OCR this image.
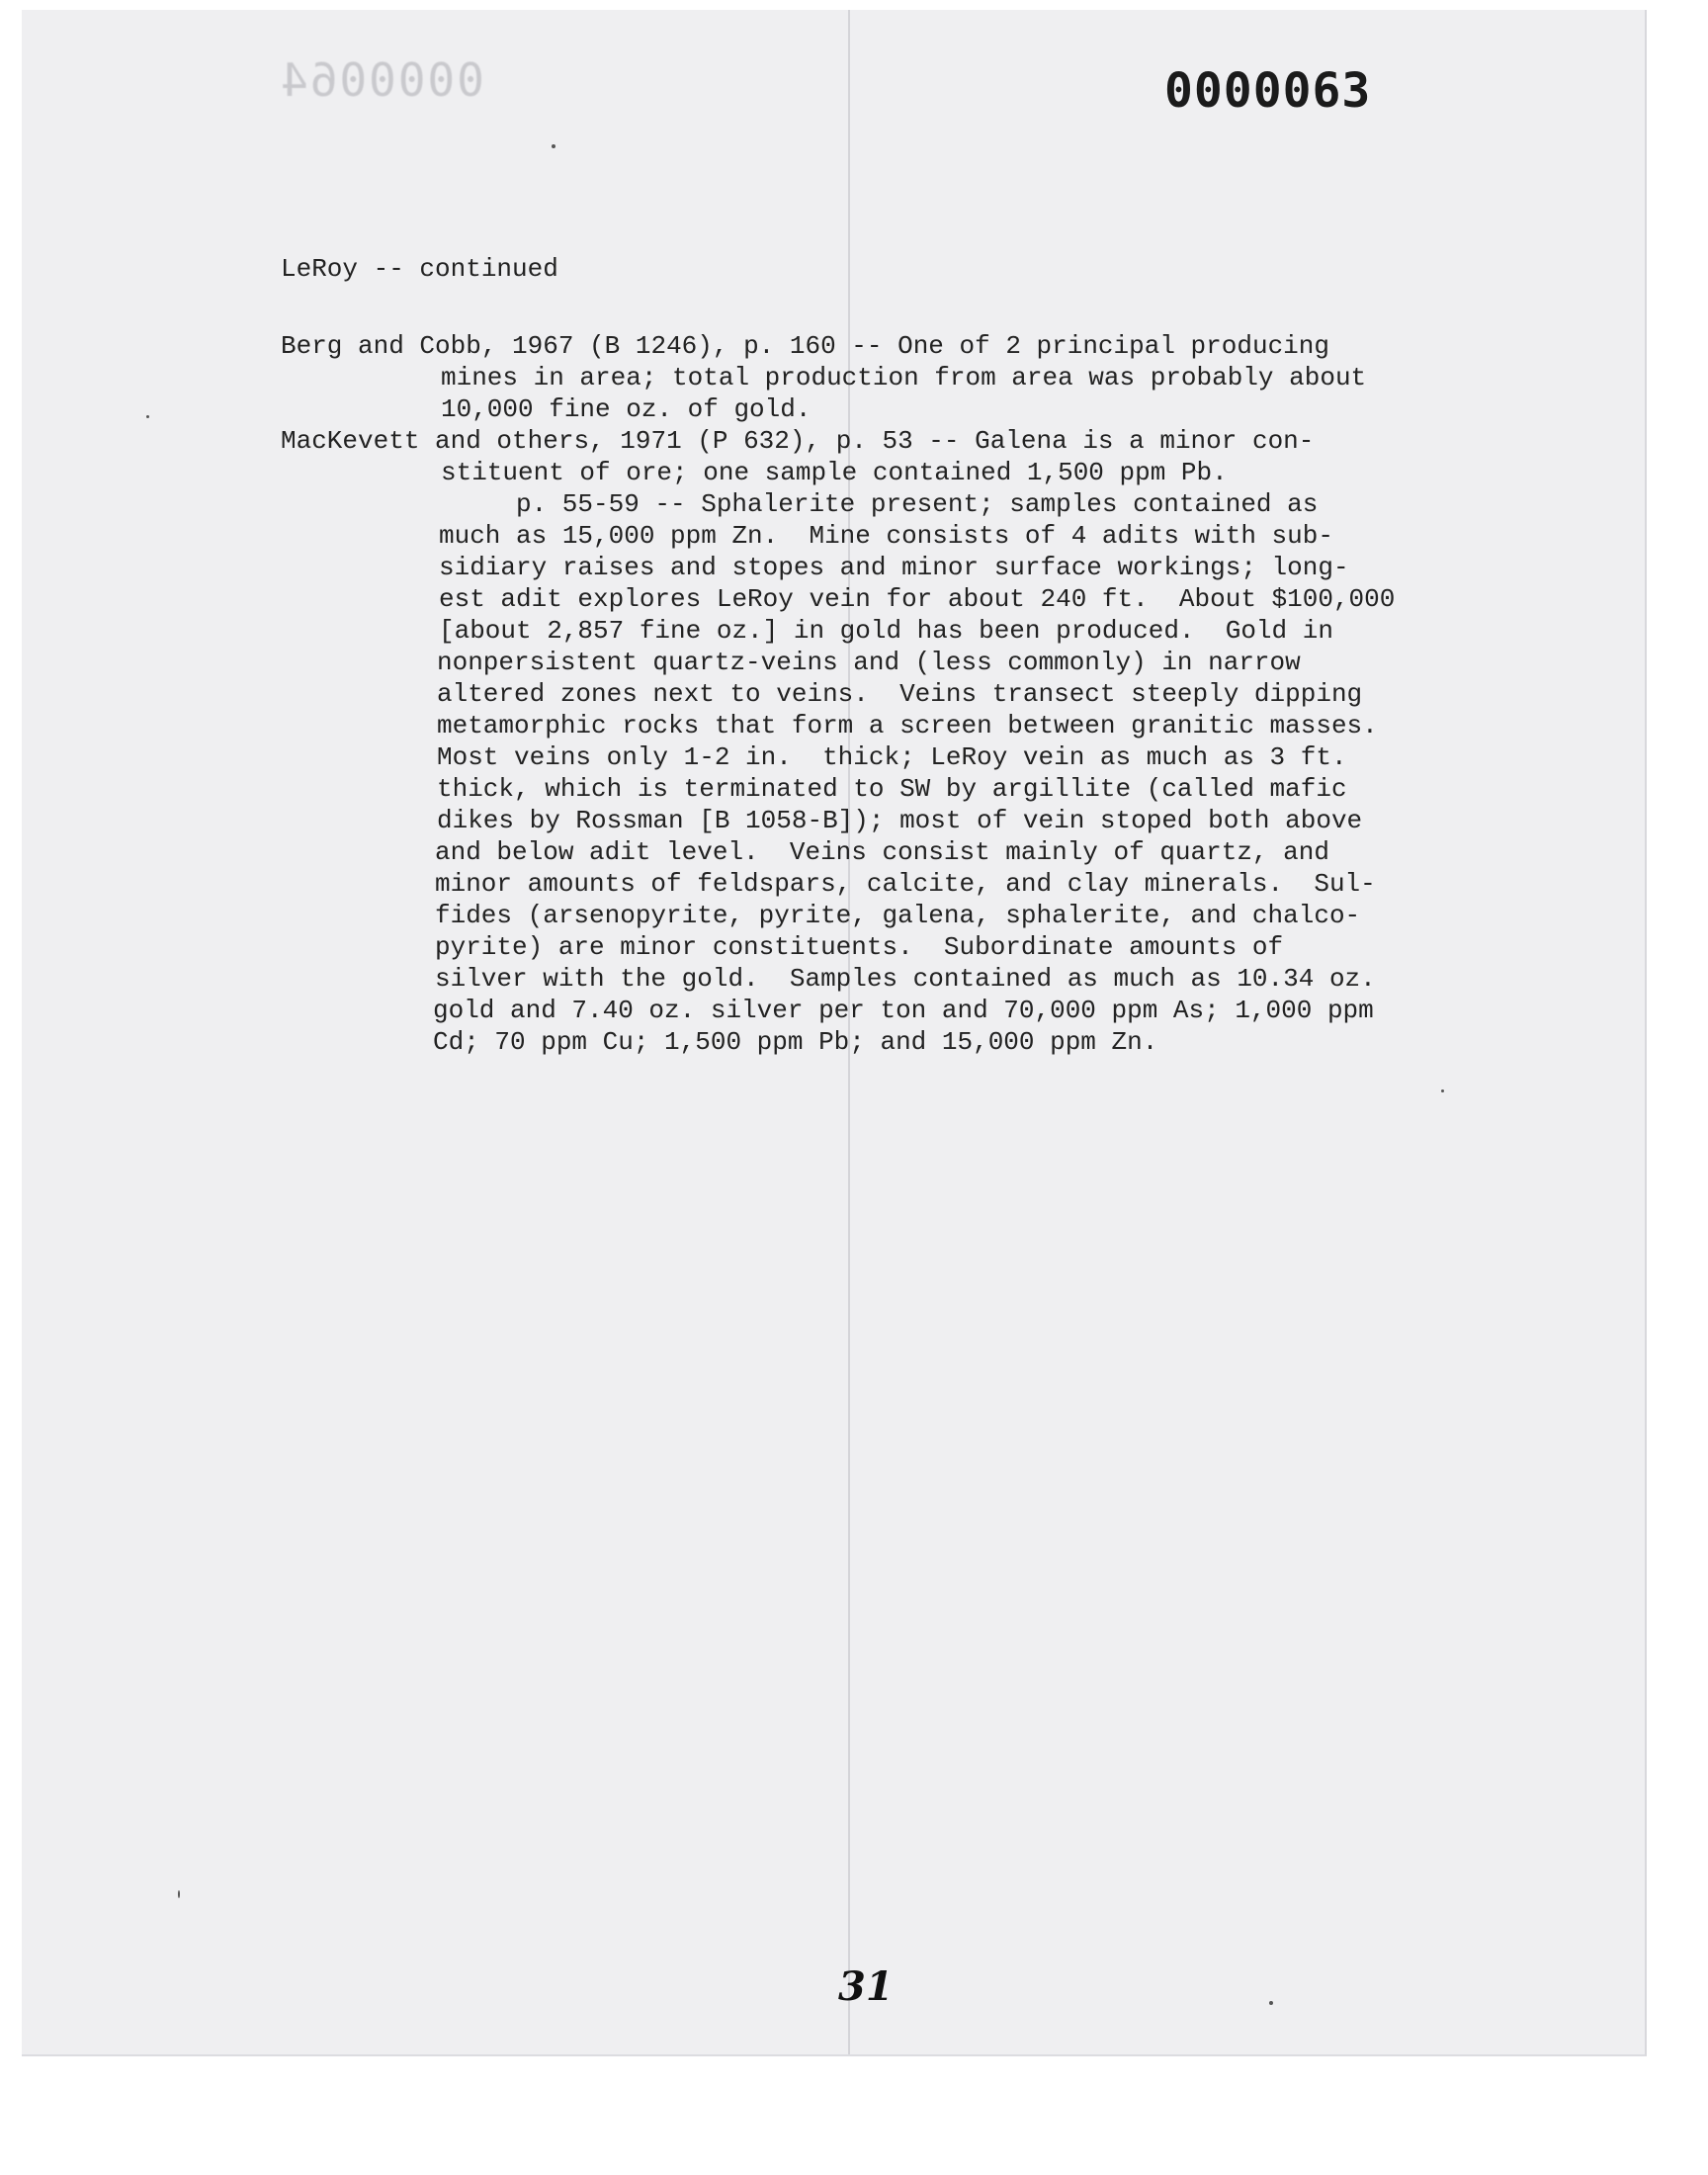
0000064	0000063
LeRoy -- continued
Berg and Cobb, 1967 (B 1246), p. 160 -- One of 2 principal producing
mines in area; total production from area was probably about
10,000 fine oz. of gold.
MacKevett and others, 1971 (P 632), p. 53 -- Galena is a minor con-
stituent of ore; one sample contained 1,500 ppm Pb.
p. 55-59 -- Sphalerite present; samples contained as
much as 15,000 ppm Zn.  Mine consists of 4 adits with sub-
sidiary raises and stopes and minor surface workings; long-
est adit explores LeRoy vein for about 240 ft.  About $100,000
[about 2,857 fine oz.] in gold has been produced.  Gold in
nonpersistent quartz-veins and (less commonly) in narrow
altered zones next to veins.  Veins transect steeply dipping
metamorphic rocks that form a screen between granitic masses.
Most veins only 1-2 in.  thick; LeRoy vein as much as 3 ft.
thick, which is terminated to SW by argillite (called mafic
dikes by Rossman [B 1058-B]); most of vein stoped both above
and below adit level.  Veins consist mainly of quartz, and
minor amounts of feldspars, calcite, and clay minerals.  Sul-
fides (arsenopyrite, pyrite, galena, sphalerite, and chalco-
pyrite) are minor constituents.  Subordinate amounts of
silver with the gold.  Samples contained as much as 10.34 oz.
gold and 7.40 oz. silver per ton and 70,000 ppm As; 1,000 ppm
Cd; 70 ppm Cu; 1,500 ppm Pb; and 15,000 ppm Zn.
31
